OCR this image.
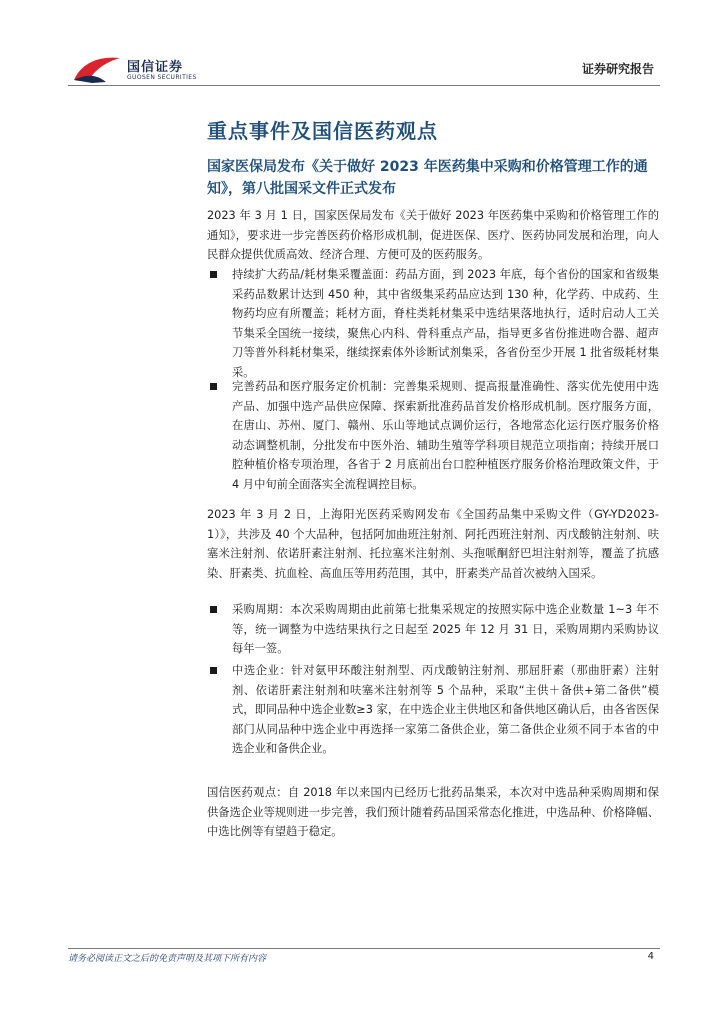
国信证券
GUOSEN SECURITIES
证券研究报告
重点事件及国信医药观点
国家医保局发布《关于做好 2023 年医药集中采购和价格管理工作的通知》，第八批国采文件正式发布

2023 年 3 月 1 日，国家医保局发布《关于做好 2023 年医药集中采购和价格管理工作的通知》，要求进一步完善医药价格形成机制，促进医保、医疗、医药协同发展和治理，向人民群众提供优质高效、经济合理、方便可及的医药服务。

持续扩大药品/耗材集采覆盖面：药品方面，到 2023 年底，每个省份的国家和省级集采药品数累计达到 450 种，其中省级集采药品应达到 130 种，化学药、中成药、生物药均应有所覆盖；耗材方面，脊柱类耗材集采中选结果落地执行，适时启动人工关节集采全国统一接续，聚焦心内科、骨科重点产品，指导更多省份推进吻合器、超声刀等普外科耗材集采，继续探索体外诊断试剂集采，各省份至少开展 1 批省级耗材集采。

完善药品和医疗服务定价机制：完善集采规则、提高报量准确性、落实优先使用中选产品、加强中选产品供应保障、探索新批准药品首发价格形成机制。医疗服务方面，在唐山、苏州、厦门、赣州、乐山等地试点调价运行，各地常态化运行医疗服务价格动态调整机制，分批发布中医外治、辅助生殖等学科项目规范立项指南；持续开展口腔种植价格专项治理，各省于 2 月底前出台口腔种植医疗服务价格治理政策文件，于 4 月中旬前全面落实全流程调控目标。

2023 年 3 月 2 日，上海阳光医药采购网发布《全国药品集中采购文件（GY-YD2023-1）》，共涉及 40 个大品种，包括阿加曲班注射剂、阿托西班注射剂、丙戊酸钠注射剂、呋塞米注射剂、依诺肝素注射剂、托拉塞米注射剂、头孢哌酮舒巴坦注射剂等，覆盖了抗感染、肝素类、抗血栓、高血压等用药范围，其中，肝素类产品首次被纳入国采。

采购周期：本次采购周期由此前第七批集采规定的按照实际中选企业数量 1~3 年不等，统一调整为中选结果执行之日起至 2025 年 12 月 31 日，采购周期内采购协议每年一签。

中选企业：针对氨甲环酸注射剂型、丙戊酸钠注射剂、那屈肝素（那曲肝素）注射剂、依诺肝素注射剂和呋塞米注射剂等 5 个品种，采取“主供＋备供+第二备供”模式，即同品种中选企业数≥3 家，在中选企业主供地区和备供地区确认后，由各省医保部门从同品种中选企业中再选择一家第二备供企业，第二备供企业须不同于本省的中选企业和备供企业。

国信医药观点：自 2018 年以来国内已经历七批药品集采，本次对中选品种采购周期和保供备选企业等规则进一步完善，我们预计随着药品国采常态化推进，中选品种、价格降幅、中选比例等有望趋于稳定。

请务必阅读正文之后的免责声明及其项下所有内容	4
